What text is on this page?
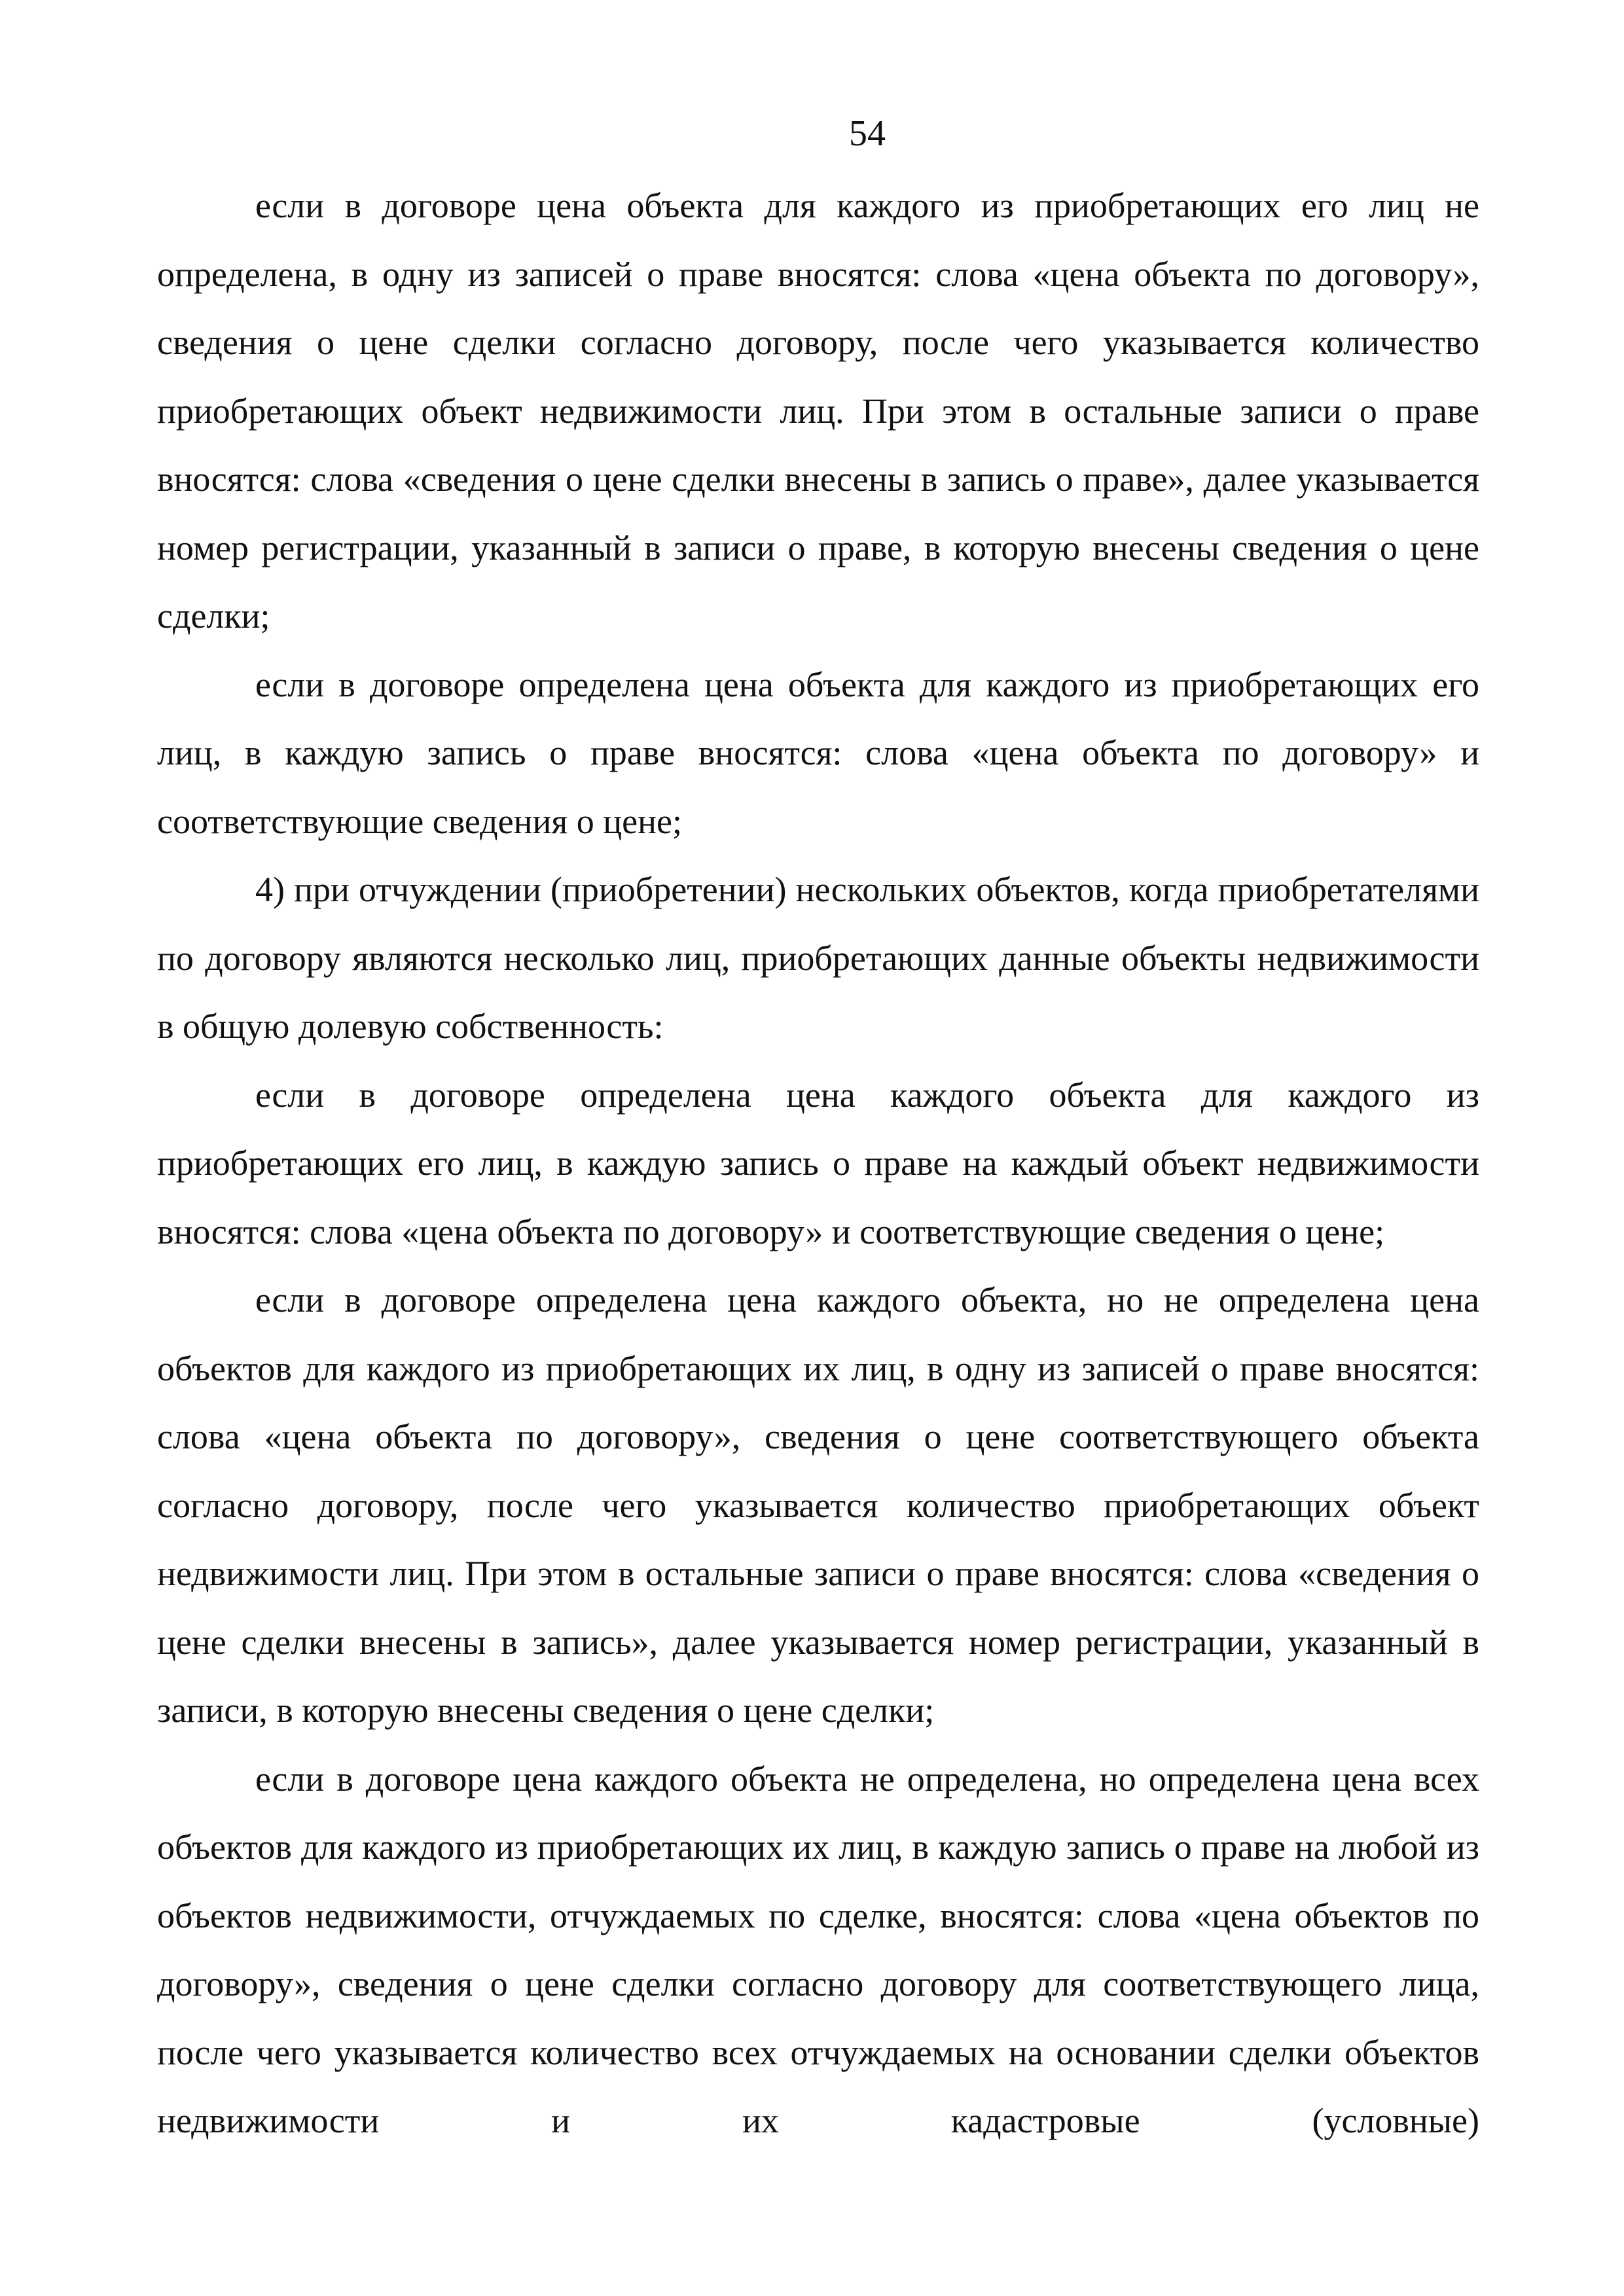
54

если в договоре цена объекта для каждого из приобретающих его лиц не определена, в одну из записей о праве вносятся: слова «цена объекта по договору», сведения о цене сделки согласно договору, после чего указывается количество приобретающих объект недвижимости лиц. При этом в остальные записи о праве вносятся: слова «сведения о цене сделки внесены в запись о праве», далее указывается номер регистрации, указанный в записи о праве, в которую внесены сведения о цене сделки;

если в договоре определена цена объекта для каждого из приобретающих его лиц, в каждую запись о праве вносятся: слова «цена объекта по договору» и соответствующие сведения о цене;

4) при отчуждении (приобретении) нескольких объектов, когда приобретателями по договору являются несколько лиц, приобретающих данные объекты недвижимости в общую долевую собственность:

если в договоре определена цена каждого объекта для каждого из приобретающих его лиц, в каждую запись о праве на каждый объект недвижимости вносятся: слова «цена объекта по договору» и соответствующие сведения о цене;

если в договоре определена цена каждого объекта, но не определена цена объектов для каждого из приобретающих их лиц, в одну из записей о праве вносятся: слова «цена объекта по договору», сведения о цене соответствующего объекта согласно договору, после чего указывается количество приобретающих объект недвижимости лиц. При этом в остальные записи о праве вносятся: слова «сведения о цене сделки внесены в запись», далее указывается номер регистрации, указанный в записи, в которую внесены сведения о цене сделки;

если в договоре цена каждого объекта не определена, но определена цена всех объектов для каждого из приобретающих их лиц, в каждую запись о праве на любой из объектов недвижимости, отчуждаемых по сделке, вносятся: слова «цена объектов по договору», сведения о цене сделки согласно договору для соответствующего лица, после чего указывается количество всех отчуждаемых на основании сделки объектов недвижимости и их кадастровые (условные)
